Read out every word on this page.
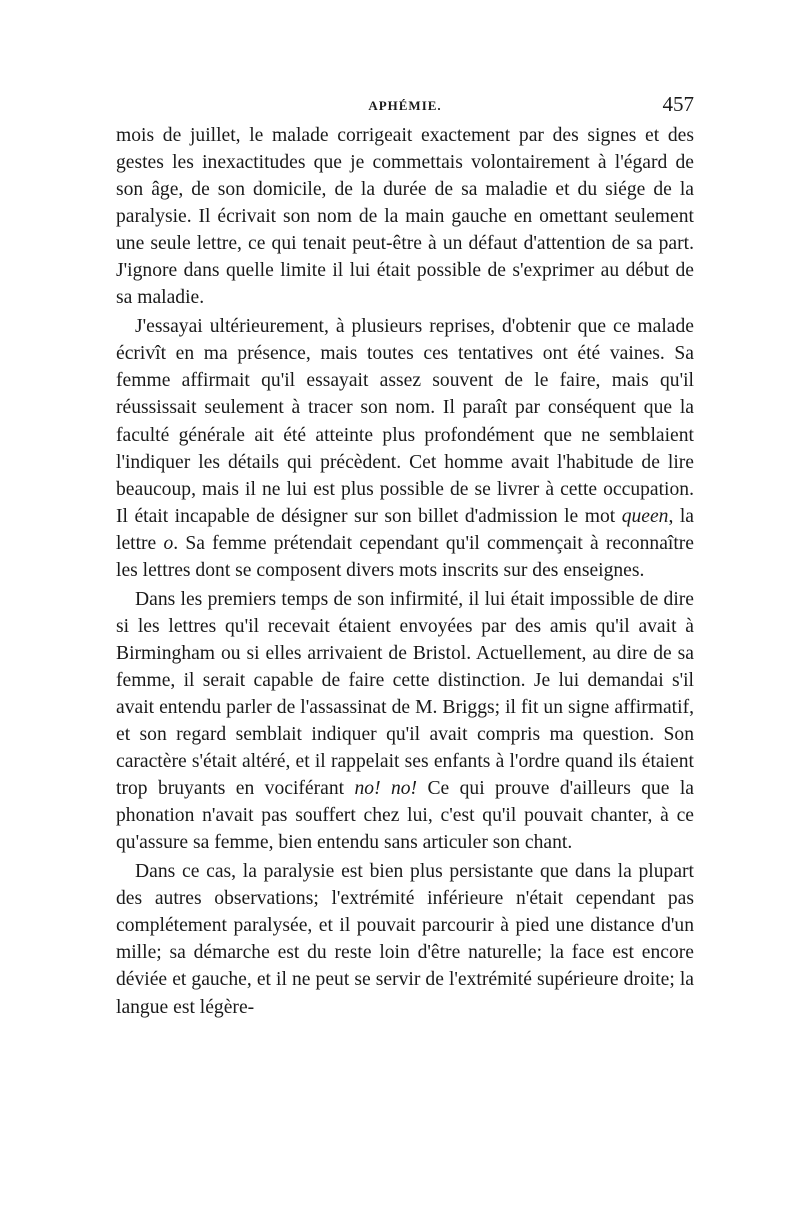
APHÉMIE.	457

mois de juillet, le malade corrigeait exactement par des signes et des gestes les inexactitudes que je commettais volontairement à l'égard de son âge, de son domicile, de la durée de sa maladie et du siége de la paralysie. Il écrivait son nom de la main gauche en omettant seulement une seule lettre, ce qui tenait peut-être à un défaut d'attention de sa part. J'ignore dans quelle limite il lui était possible de s'exprimer au début de sa maladie.

J'essayai ultérieurement, à plusieurs reprises, d'obtenir que ce malade écrivît en ma présence, mais toutes ces tentatives ont été vaines. Sa femme affirmait qu'il essayait assez souvent de le faire, mais qu'il réussissait seulement à tracer son nom. Il paraît par conséquent que la faculté générale ait été atteinte plus profondément que ne semblaient l'indiquer les détails qui précèdent. Cet homme avait l'habitude de lire beaucoup, mais il ne lui est plus possible de se livrer à cette occupation. Il était incapable de désigner sur son billet d'admission le mot queen, la lettre o. Sa femme prétendait cependant qu'il commençait à reconnaître les lettres dont se composent divers mots inscrits sur des enseignes.

Dans les premiers temps de son infirmité, il lui était impossible de dire si les lettres qu'il recevait étaient envoyées par des amis qu'il avait à Birmingham ou si elles arrivaient de Bristol. Actuellement, au dire de sa femme, il serait capable de faire cette distinction. Je lui demandai s'il avait entendu parler de l'assassinat de M. Briggs; il fit un signe affirmatif, et son regard semblait indiquer qu'il avait compris ma question. Son caractère s'était altéré, et il rappelait ses enfants à l'ordre quand ils étaient trop bruyants en vociférant no! no! Ce qui prouve d'ailleurs que la phonation n'avait pas souffert chez lui, c'est qu'il pouvait chanter, à ce qu'assure sa femme, bien entendu sans articuler son chant.

Dans ce cas, la paralysie est bien plus persistante que dans la plupart des autres observations; l'extrémité inférieure n'était cependant pas complétement paralysée, et il pouvait parcourir à pied une distance d'un mille; sa démarche est du reste loin d'être naturelle; la face est encore déviée et gauche, et il ne peut se servir de l'extrémité supérieure droite; la langue est légère-
